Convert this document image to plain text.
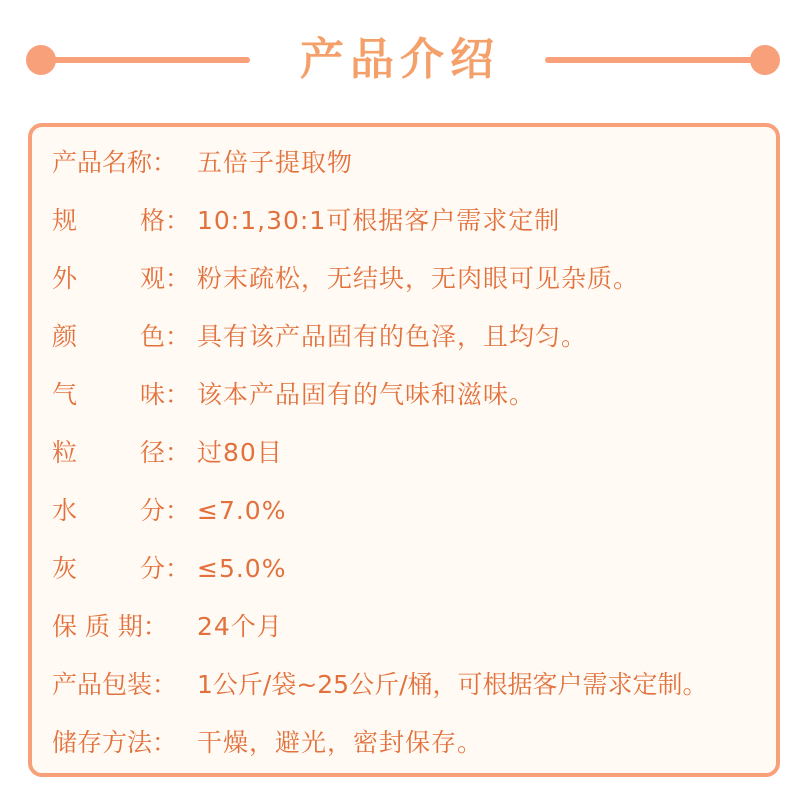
产品介绍
产品名称： 五倍子提取物
规	格： 10:1,30:1可根据客户需求定制
外	观： 粉末疏松，无结块，无肉眼可见杂质。
颜	色： 具有该产品固有的色泽，且均匀。
气	味： 该本产品固有的气味和滋味。
粒	径： 过80目
水	分： ≤7.0%
灰	分： ≤5.0%
保 质 期： 24个月
产品包装： 1公斤/袋~25公斤/桶，可根据客户需求定制。
储存方法： 干燥，避光，密封保存。
